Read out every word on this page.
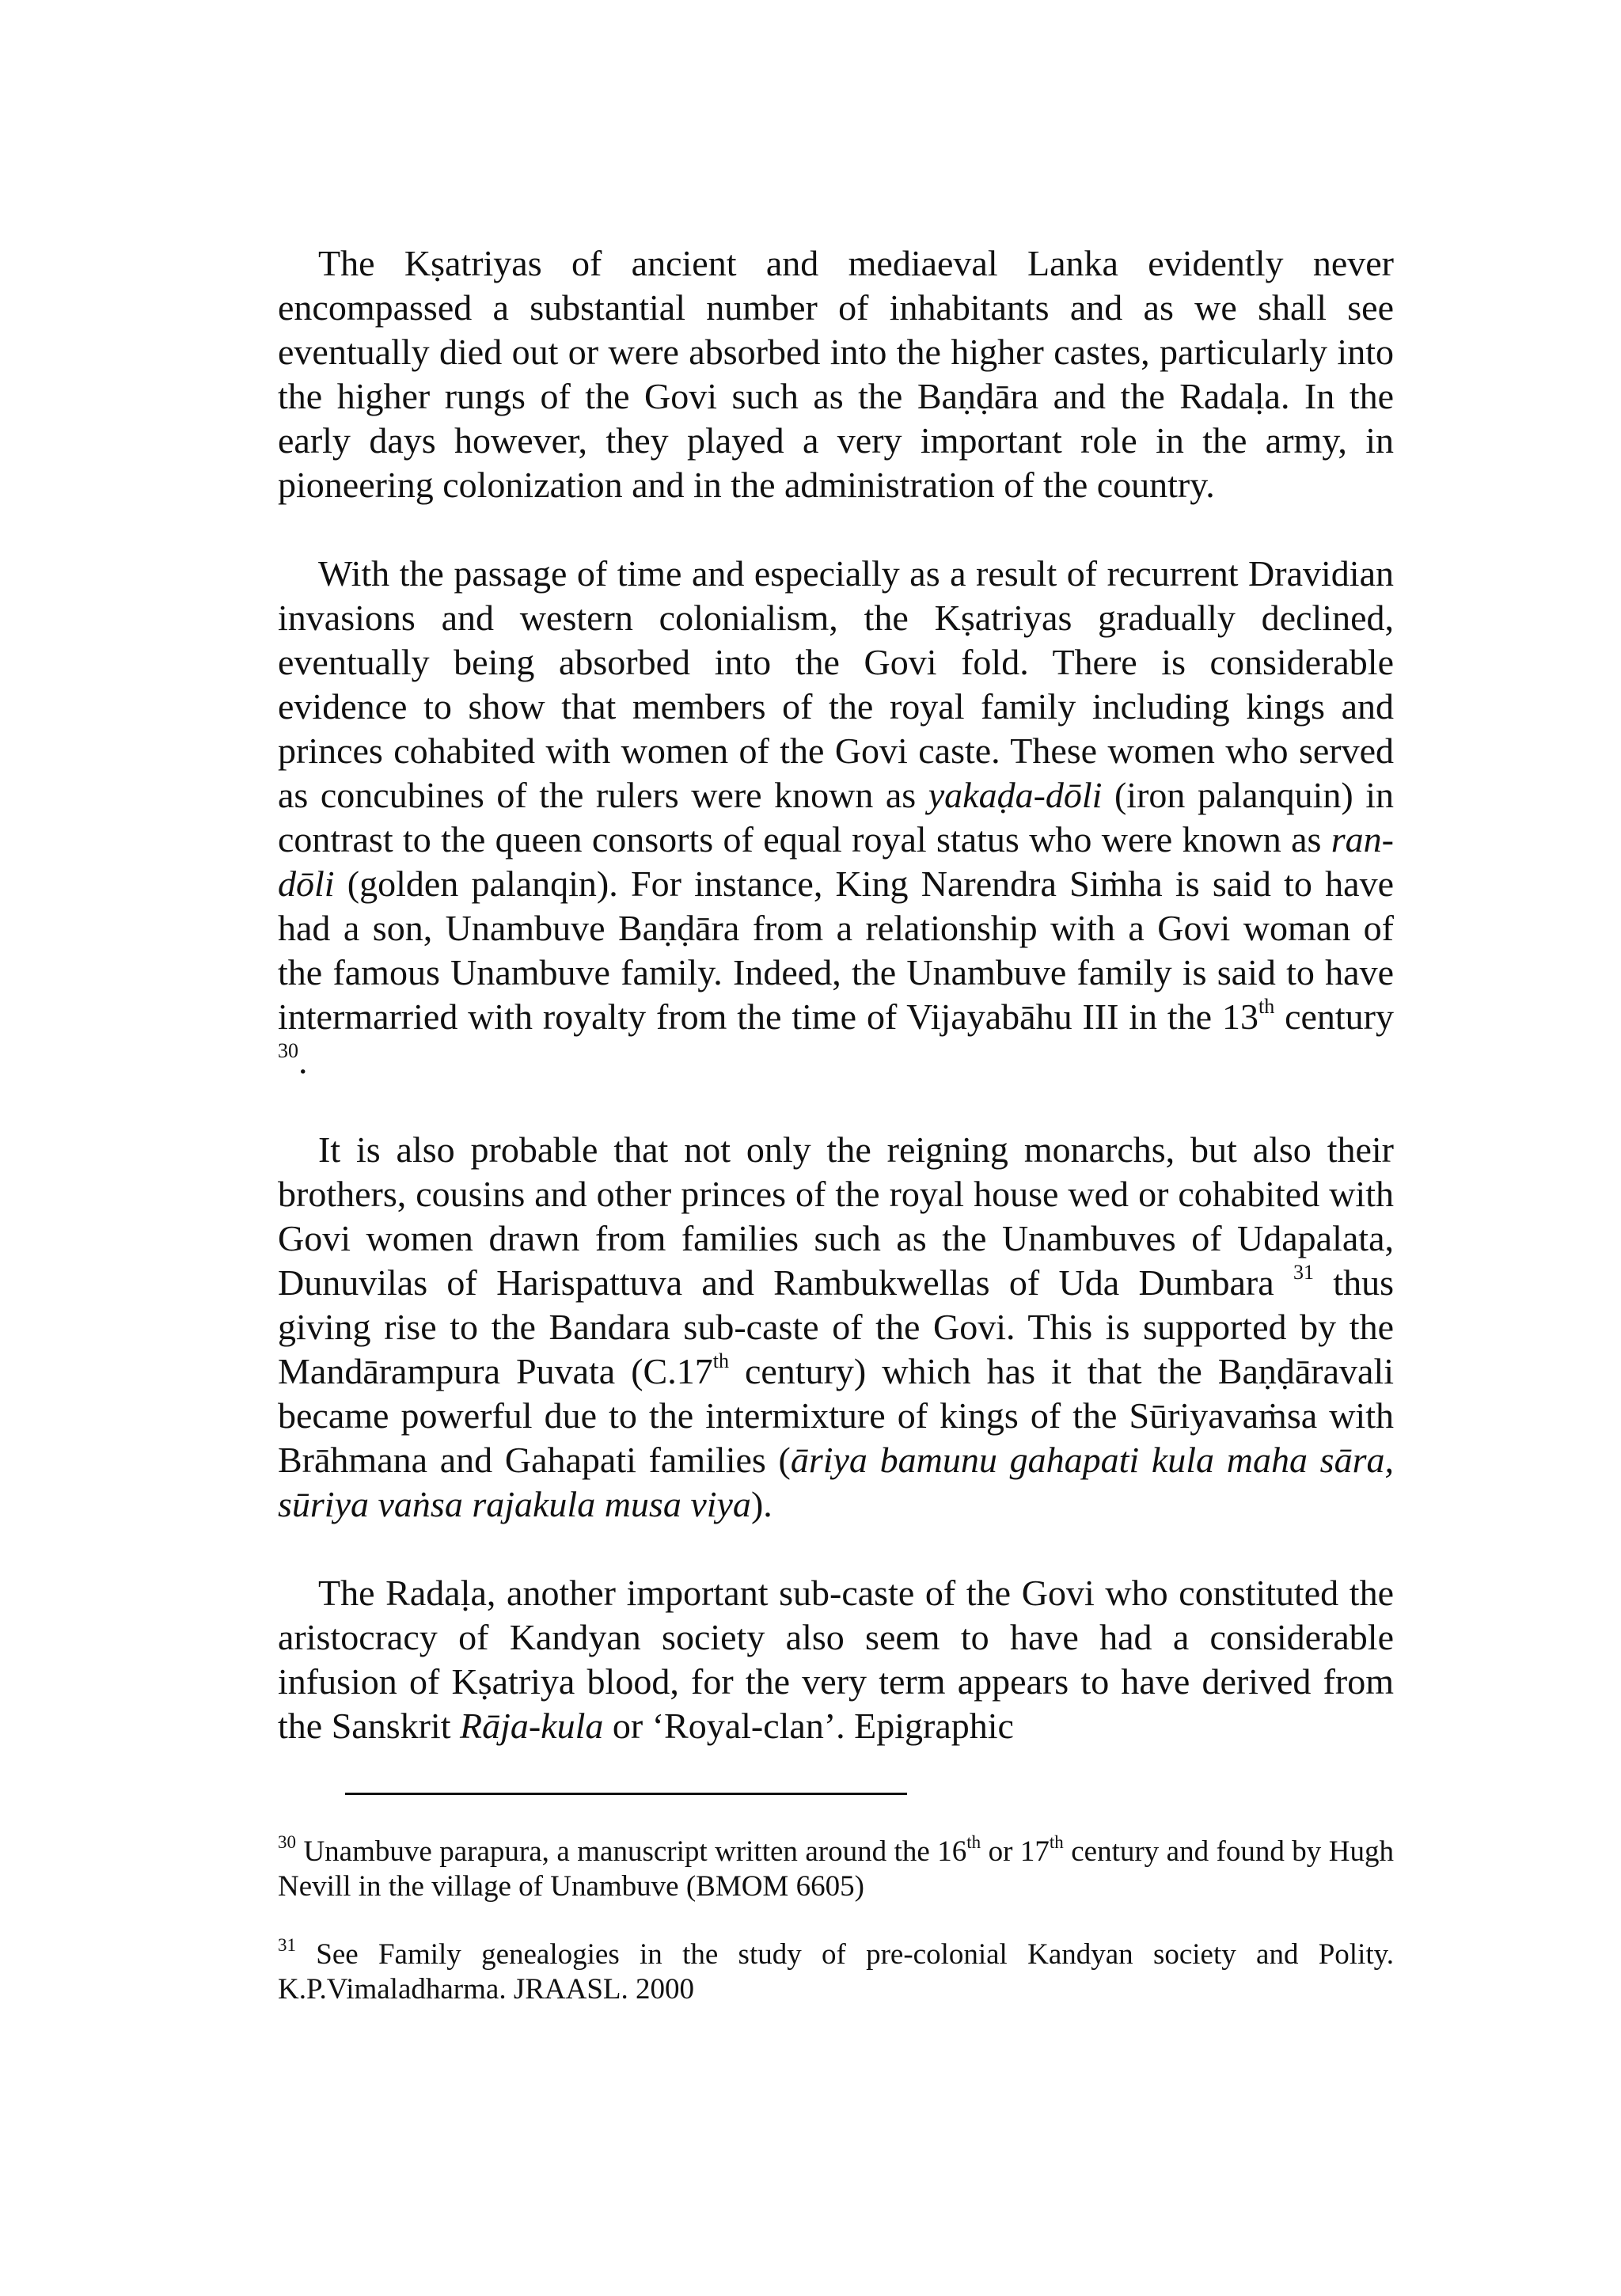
The Kṣatriyas of ancient and mediaeval Lanka evidently never encompassed a substantial number of inhabitants and as we shall see eventually died out or were absorbed into the higher castes, particularly into the higher rungs of the Govi such as the Baṇḍāra and the Radaḷa. In the early days however, they played a very important role in the army, in pioneering colonization and in the administration of the country.

With the passage of time and especially as a result of recurrent Dravidian invasions and western colonialism, the Kṣatriyas gradually declined, eventually being absorbed into the Govi fold. There is considerable evidence to show that members of the royal family including kings and princes cohabited with women of the Govi caste. These women who served as concubines of the rulers were known as yakaḍa-dōli (iron palanquin) in contrast to the queen consorts of equal royal status who were known as ran-dōli (golden palanqin). For instance, King Narendra Siṁha is said to have had a son, Unambuve Baṇḍāra from a relationship with a Govi woman of the famous Unambuve family. Indeed, the Unambuve family is said to have intermarried with royalty from the time of Vijayabāhu III in the 13th century $^{30}$.

It is also probable that not only the reigning monarchs, but also their brothers, cousins and other princes of the royal house wed or cohabited with Govi women drawn from families such as the Unambuves of Udapalata, Dunuvilas of Harispattuva and Rambukwellas of Uda Dumbara $^{31}$ thus giving rise to the Bandara sub-caste of the Govi. This is supported by the Mandārampura Puvata (C.17th century) which has it that the Baṇḍāravali became powerful due to the intermixture of kings of the Sūriyavaṁsa with Brāhmana and Gahapati families (āriya bamunu gahapati kula maha sāra, sūriya vaṅsa rajakula musa viya).

The Radaḷa, another important sub-caste of the Govi who constituted the aristocracy of Kandyan society also seem to have had a considerable infusion of Kṣatriya blood, for the very term appears to have derived from the Sanskrit Rāja-kula or ‘Royal-clan’. Epigraphic

$^{30}$ Unambuve parapura, a manuscript written around the 16th or 17th century and found by Hugh Nevill in the village of Unambuve (BMOM 6605)

$^{31}$ See Family genealogies in the study of pre-colonial Kandyan society and Polity. K.P.Vimaladharma. JRAASL. 2000
